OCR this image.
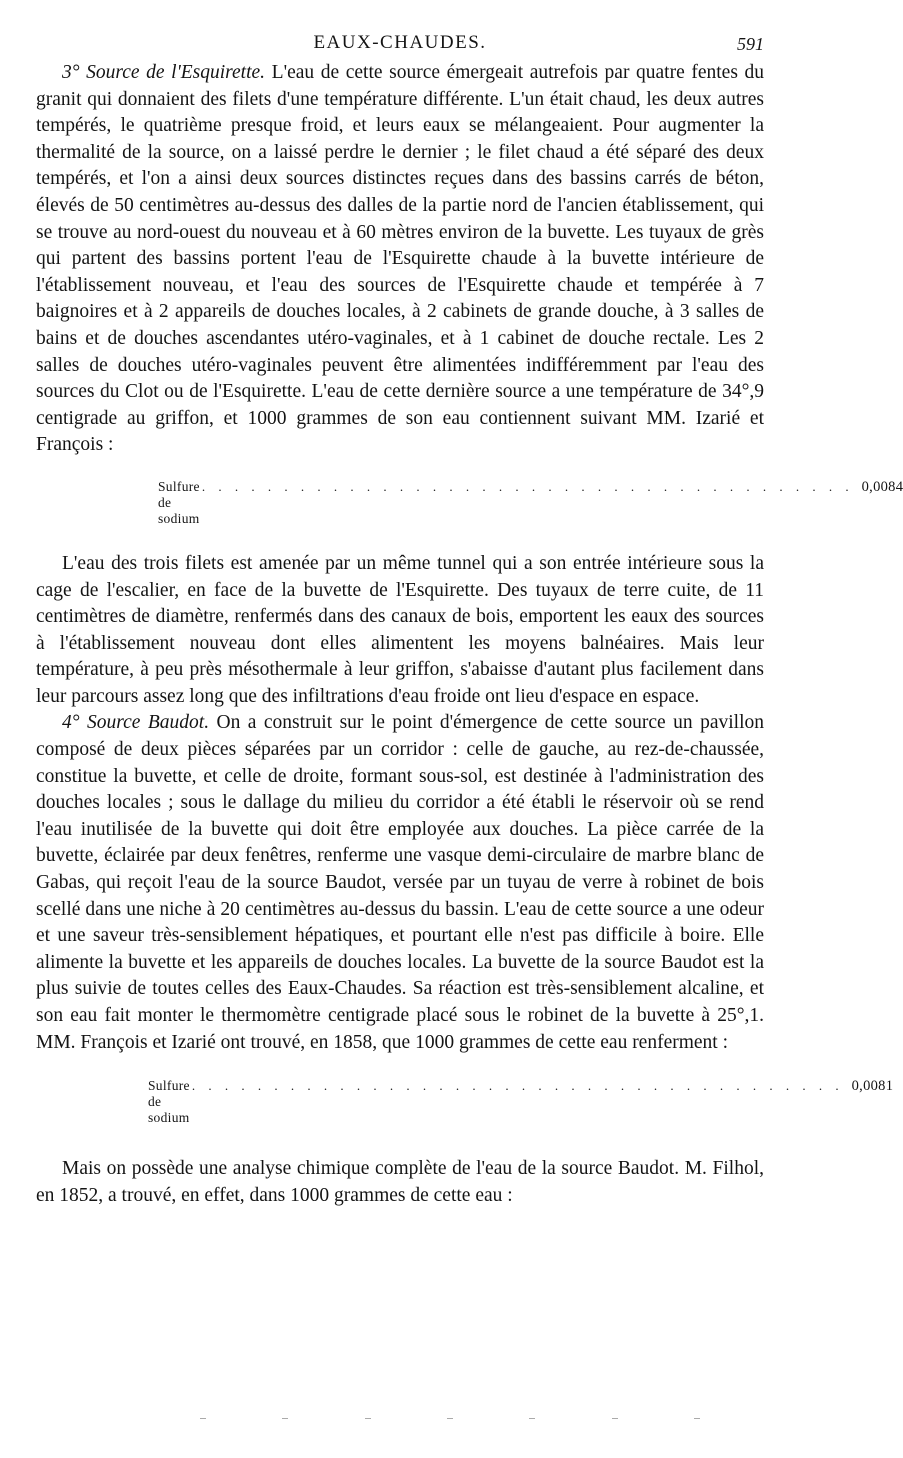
EAUX-CHAUDES.	591

3° Source de l'Esquirette. L'eau de cette source émergeait autrefois par quatre fentes du granit qui donnaient des filets d'une température différente. L'un était chaud, les deux autres tempérés, le quatrième presque froid, et leurs eaux se mélangeaient. Pour augmenter la thermalité de la source, on a laissé perdre le dernier ; le filet chaud a été séparé des deux tempérés, et l'on a ainsi deux sources distinctes reçues dans des bassins carrés de béton, élevés de 50 centimètres au-dessus des dalles de la partie nord de l'ancien établissement, qui se trouve au nord-ouest du nouveau et à 60 mètres environ de la buvette. Les tuyaux de grès qui partent des bassins portent l'eau de l'Esquirette chaude à la buvette intérieure de l'établissement nouveau, et l'eau des sources de l'Esquirette chaude et tempérée à 7 baignoires et à 2 appareils de douches locales, à 2 cabinets de grande douche, à 3 salles de bains et de douches ascendantes utéro-vaginales, et à 1 cabinet de douche rectale. Les 2 salles de douches utéro-vaginales peuvent être alimentées indifféremment par l'eau des sources du Clot ou de l'Esquirette. L'eau de cette dernière source a une température de 34°,9 centigrade au griffon, et 1000 grammes de son eau contiennent suivant MM. Izarié et François :

Sulfure de sodium
. . . . . . . . . . . . . . . . . . . . . . . . . . . . . . . . . . . . . . . . 0,0084

L'eau des trois filets est amenée par un même tunnel qui a son entrée intérieure sous la cage de l'escalier, en face de la buvette de l'Esquirette. Des tuyaux de terre cuite, de 11 centimètres de diamètre, renfermés dans des canaux de bois, emportent les eaux des sources à l'établissement nouveau dont elles alimentent les moyens balnéaires. Mais leur température, à peu près mésothermale à leur griffon, s'abaisse d'autant plus facilement dans leur parcours assez long que des infiltrations d'eau froide ont lieu d'espace en espace.

4° Source Baudot. On a construit sur le point d'émergence de cette source un pavillon composé de deux pièces séparées par un corridor : celle de gauche, au rez-de-chaussée, constitue la buvette, et celle de droite, formant sous-sol, est destinée à l'administration des douches locales ; sous le dallage du milieu du corridor a été établi le réservoir où se rend l'eau inutilisée de la buvette qui doit être employée aux douches. La pièce carrée de la buvette, éclairée par deux fenêtres, renferme une vasque demi-circulaire de marbre blanc de Gabas, qui reçoit l'eau de la source Baudot, versée par un tuyau de verre à robinet de bois scellé dans une niche à 20 centimètres au-dessus du bassin. L'eau de cette source a une odeur et une saveur très-sensiblement hépatiques, et pourtant elle n'est pas difficile à boire. Elle alimente la buvette et les appareils de douches locales. La buvette de la source Baudot est la plus suivie de toutes celles des Eaux-Chaudes. Sa réaction est très-sensiblement alcaline, et son eau fait monter le thermomètre centigrade placé sous le robinet de la buvette à 25°,1. MM. François et Izarié ont trouvé, en 1858, que 1000 grammes de cette eau renferment :

Sulfure de sodium
. . . . . . . . . . . . . . . . . . . . . . . . . . . . . . . . . . . . . . . . 0,0081

Mais on possède une analyse chimique complète de l'eau de la source Baudot. M. Filhol, en 1852, a trouvé, en effet, dans 1000 grammes de cette eau :
